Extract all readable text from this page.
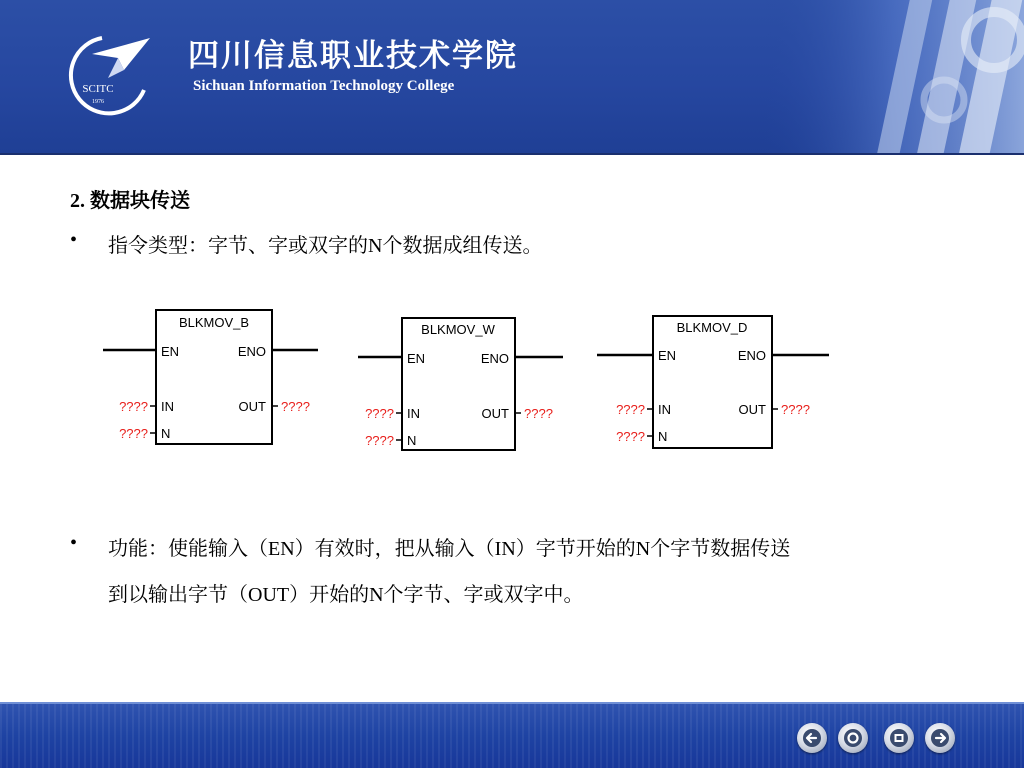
SCITC
1976

四川信息职业技术学院

Sichuan Information Technology College

2. 数据块传送

• 指令类型：字节、字或双字的N个数据成组传送。
BLKMOV_B
EN	ENO
IN	OUT
N
????
????
????
BLKMOV_W
EN	ENO
IN	OUT
N
????
????
????
BLKMOV_D
EN	ENO
IN	OUT
N
????
????
????
• 功能：使能输入（EN）有效时，把从输入（IN）字节开始的N个字节数据传送
到以输出字节（OUT）开始的N个字节、字或双字中。
